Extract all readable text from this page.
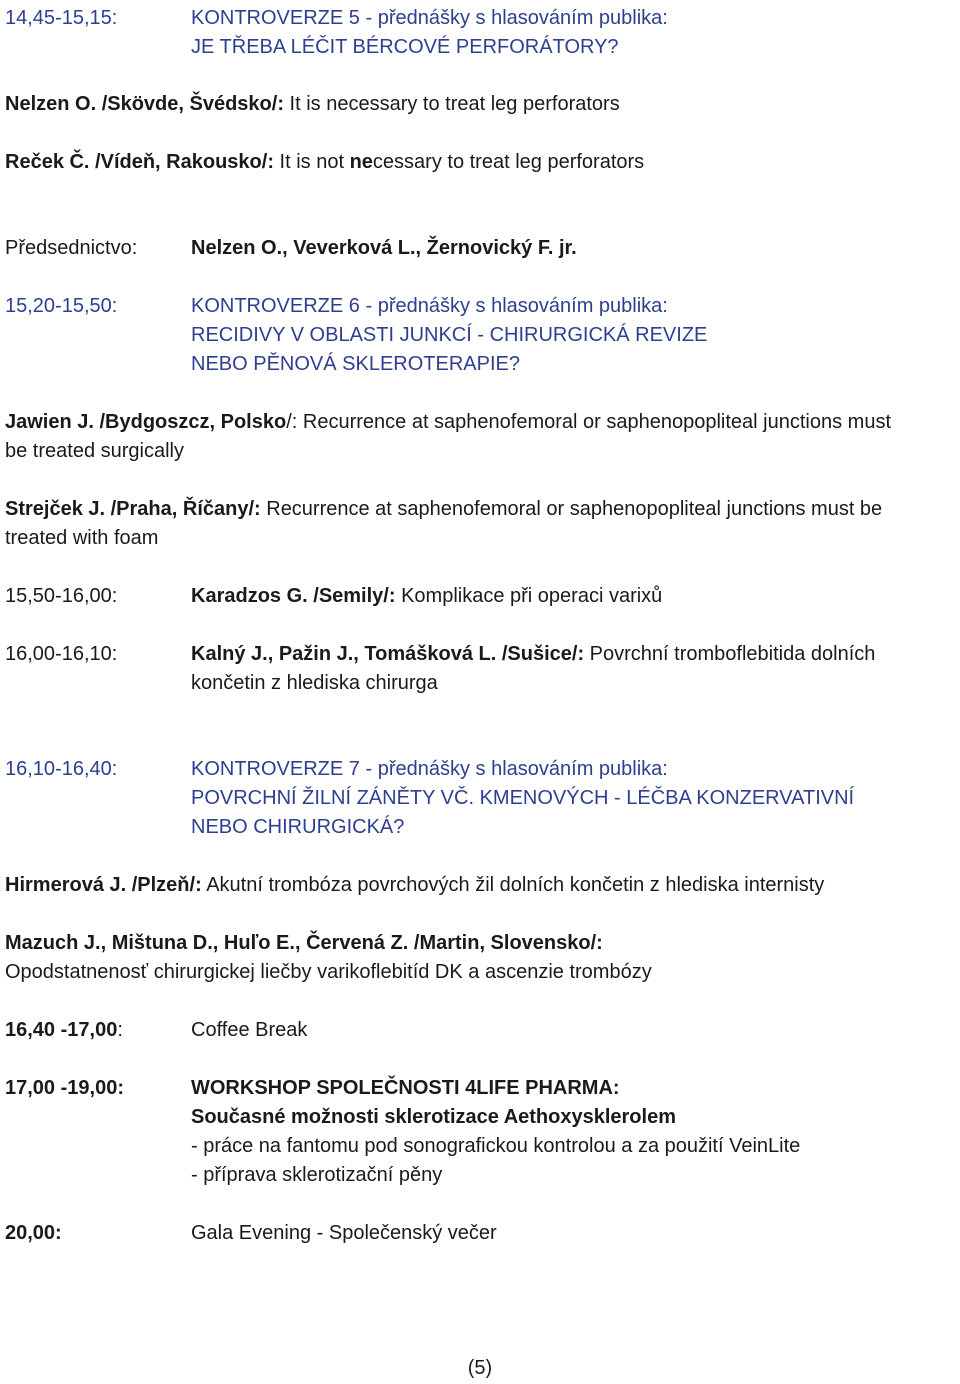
14,45-15,15:	KONTROVERZE 5 - přednášky s hlasováním publika:
JE TŘEBA LÉČIT BÉRCOVÉ PERFORÁTORY?
Nelzen O. /Skövde, Švédsko/: It is necessary to treat leg perforators
Reček Č. /Vídeň, Rakousko/: It is not necessary to treat leg perforators
Předsednictvo:	Nelzen O., Veverková L., Žernovický F. jr.
15,20-15,50:	KONTROVERZE 6 - přednášky s hlasováním publika:
RECIDIVY V OBLASTI JUNKCÍ - CHIRURGICKÁ REVIZE
NEBO PĚNOVÁ SKLEROTERAPIE?
Jawien J. /Bydgoszcz, Polsko/: Recurrence at saphenofemoral or saphenopopliteal junctions must
be treated surgically
Strejček J. /Praha, Říčany/: Recurrence at saphenofemoral or saphenopopliteal junctions must be
treated with foam
15,50-16,00:	Karadzos G. /Semily/: Komplikace při operaci varixů
16,00-16,10:	Kalný J., Pažin J., Tomášková L. /Sušice/: Povrchní tromboflebitida dolních
končetin z hlediska chirurga
16,10-16,40:	KONTROVERZE 7 - přednášky s hlasováním publika:
POVRCHNÍ ŽILNÍ ZÁNĚTY VČ. KMENOVÝCH - LÉČBA KONZERVATIVNÍ
NEBO CHIRURGICKÁ?
Hirmerová J. /Plzeň/: Akutní trombóza povrchových žil dolních končetin z hlediska internisty
Mazuch J., Mištuna D., Huľo E., Červená Z. /Martin, Slovensko/:
Opodstatnenosť chirurgickej liečby varikoflebitíd DK a ascenzie trombózy
16,40 -17,00:	Coffee Break
17,00 -19,00:	WORKSHOP SPOLEČNOSTI 4LIFE PHARMA:
Současné možnosti sklerotizace Aethoxysklerolem
- práce na fantomu pod sonografickou kontrolou a za použití VeinLite
- příprava sklerotizační pěny
20,00:	Gala Evening - Společenský večer
(5)
